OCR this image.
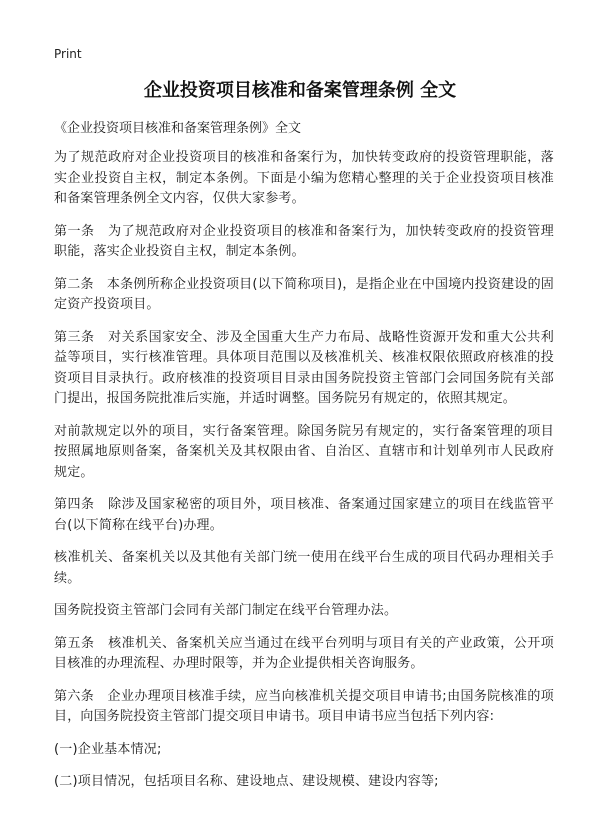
Print
企业投资项目核准和备案管理条例 全文

《企业投资项目核准和备案管理条例》全文

为了规范政府对企业投资项目的核准和备案行为，加快转变政府的投资管理职能，落实企业投资自主权，制定本条例。下面是小编为您精心整理的关于企业投资项目核准和备案管理条例全文内容，仅供大家参考。

第一条　为了规范政府对企业投资项目的核准和备案行为，加快转变政府的投资管理职能，落实企业投资自主权，制定本条例。

第二条　本条例所称企业投资项目(以下简称项目)，是指企业在中国境内投资建设的固定资产投资项目。

第三条　对关系国家安全、涉及全国重大生产力布局、战略性资源开发和重大公共利益等项目，实行核准管理。具体项目范围以及核准机关、核准权限依照政府核准的投资项目目录执行。政府核准的投资项目目录由国务院投资主管部门会同国务院有关部门提出，报国务院批准后实施，并适时调整。国务院另有规定的，依照其规定。

对前款规定以外的项目，实行备案管理。除国务院另有规定的，实行备案管理的项目按照属地原则备案，备案机关及其权限由省、自治区、直辖市和计划单列市人民政府规定。

第四条　除涉及国家秘密的项目外，项目核准、备案通过国家建立的项目在线监管平台(以下简称在线平台)办理。

核准机关、备案机关以及其他有关部门统一使用在线平台生成的项目代码办理相关手续。

国务院投资主管部门会同有关部门制定在线平台管理办法。

第五条　核准机关、备案机关应当通过在线平台列明与项目有关的产业政策，公开项目核准的办理流程、办理时限等，并为企业提供相关咨询服务。

第六条　企业办理项目核准手续，应当向核准机关提交项目申请书;由国务院核准的项目，向国务院投资主管部门提交项目申请书。项目申请书应当包括下列内容:

(一)企业基本情况;

(二)项目情况，包括项目名称、建设地点、建设规模、建设内容等;
